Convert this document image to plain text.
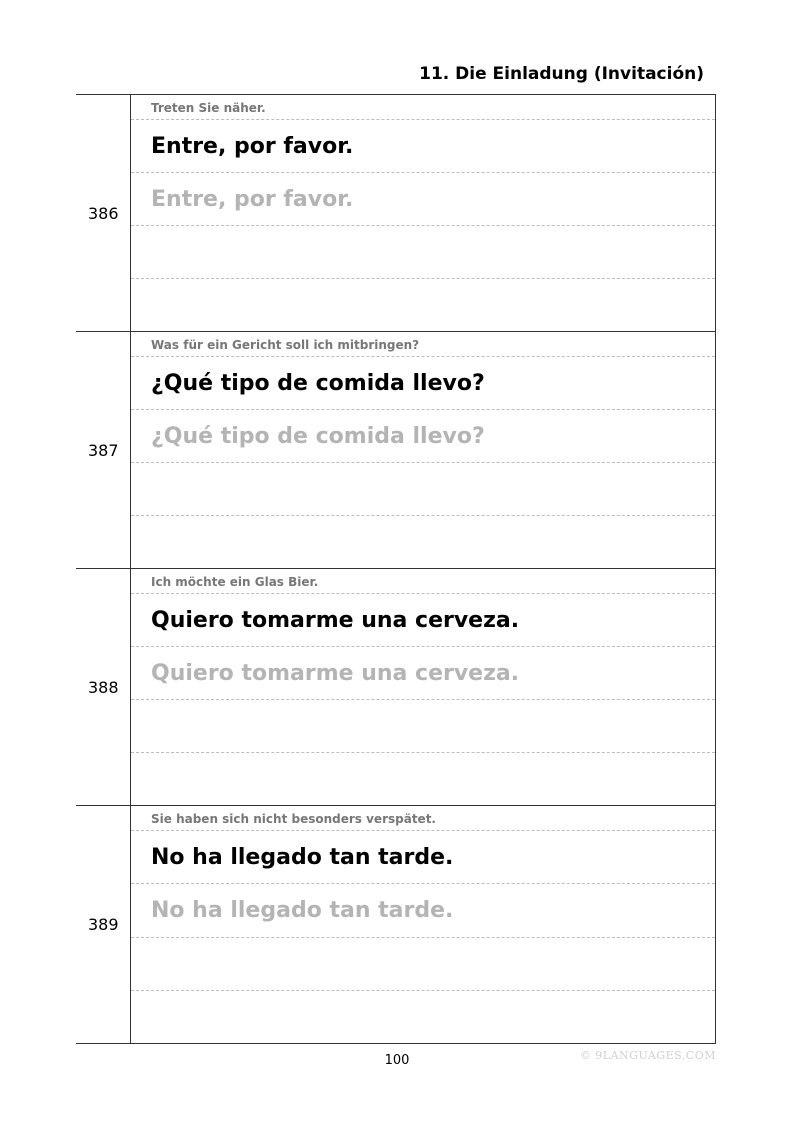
11. Die Einladung (Invitación)
386
Treten Sie näher.
Entre, por favor.
Entre, por favor.
387
Was für ein Gericht soll ich mitbringen?
¿Qué tipo de comida llevo?
¿Qué tipo de comida llevo?
388
Ich möchte ein Glas Bier.
Quiero tomarme una cerveza.
Quiero tomarme una cerveza.
389
Sie haben sich nicht besonders verspätet.
No ha llegado tan tarde.
No ha llegado tan tarde.
100	© 9LANGUAGES.COM
